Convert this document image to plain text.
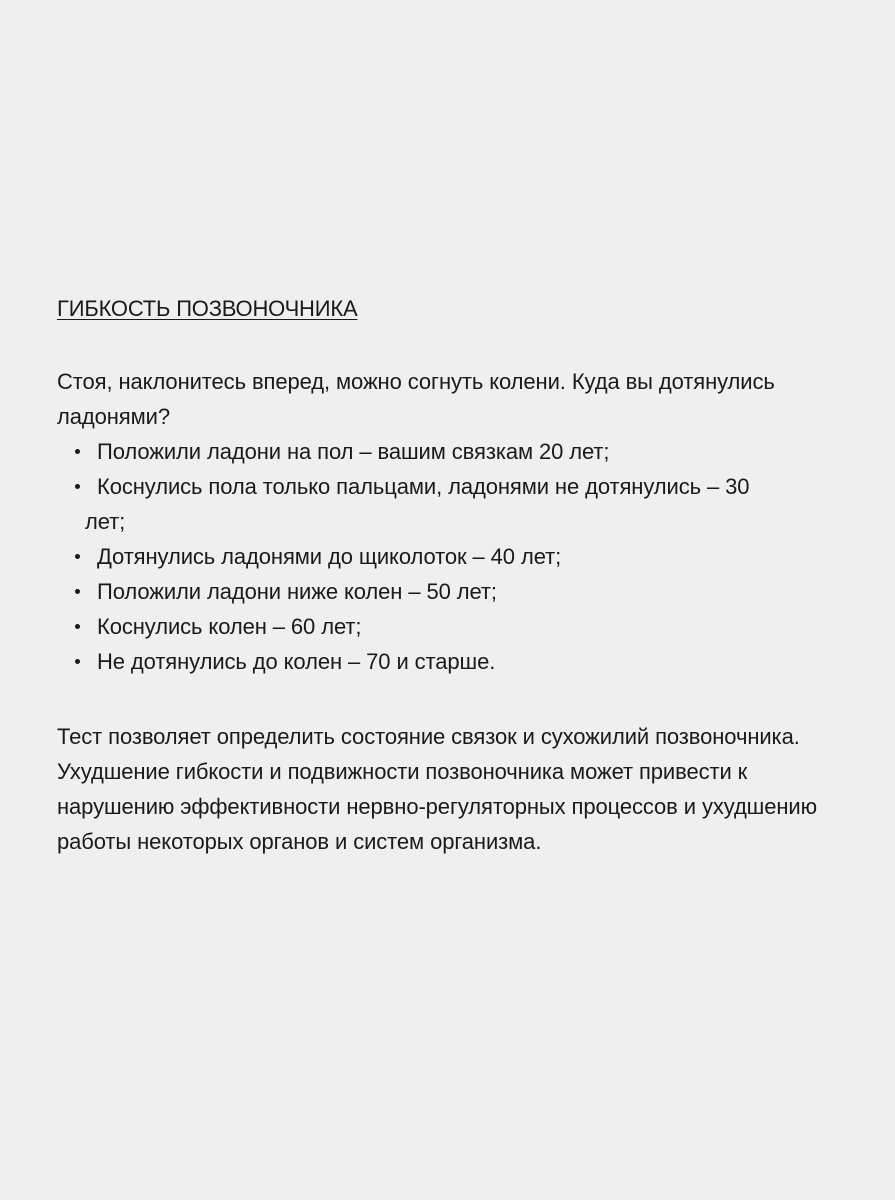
ГИБКОСТЬ ПОЗВОНОЧНИКА

Стоя, наклонитесь вперед, можно согнуть колени. Куда вы дотянулись ладонями?

Положили ладони на пол – вашим связкам 20 лет;
Коснулись пола только пальцами, ладонями не дотянулись – 30
лет;
Дотянулись ладонями до щиколоток – 40 лет;
Положили ладони ниже колен – 50 лет;
Коснулись колен – 60 лет;
Не дотянулись до колен – 70 и старше.

Тест позволяет определить состояние связок и сухожилий позвоночника. Ухудшение гибкости и подвижности позвоночника может привести к нарушению эффективности нервно-регуляторных процессов и ухудшению работы некоторых органов и систем организма.
